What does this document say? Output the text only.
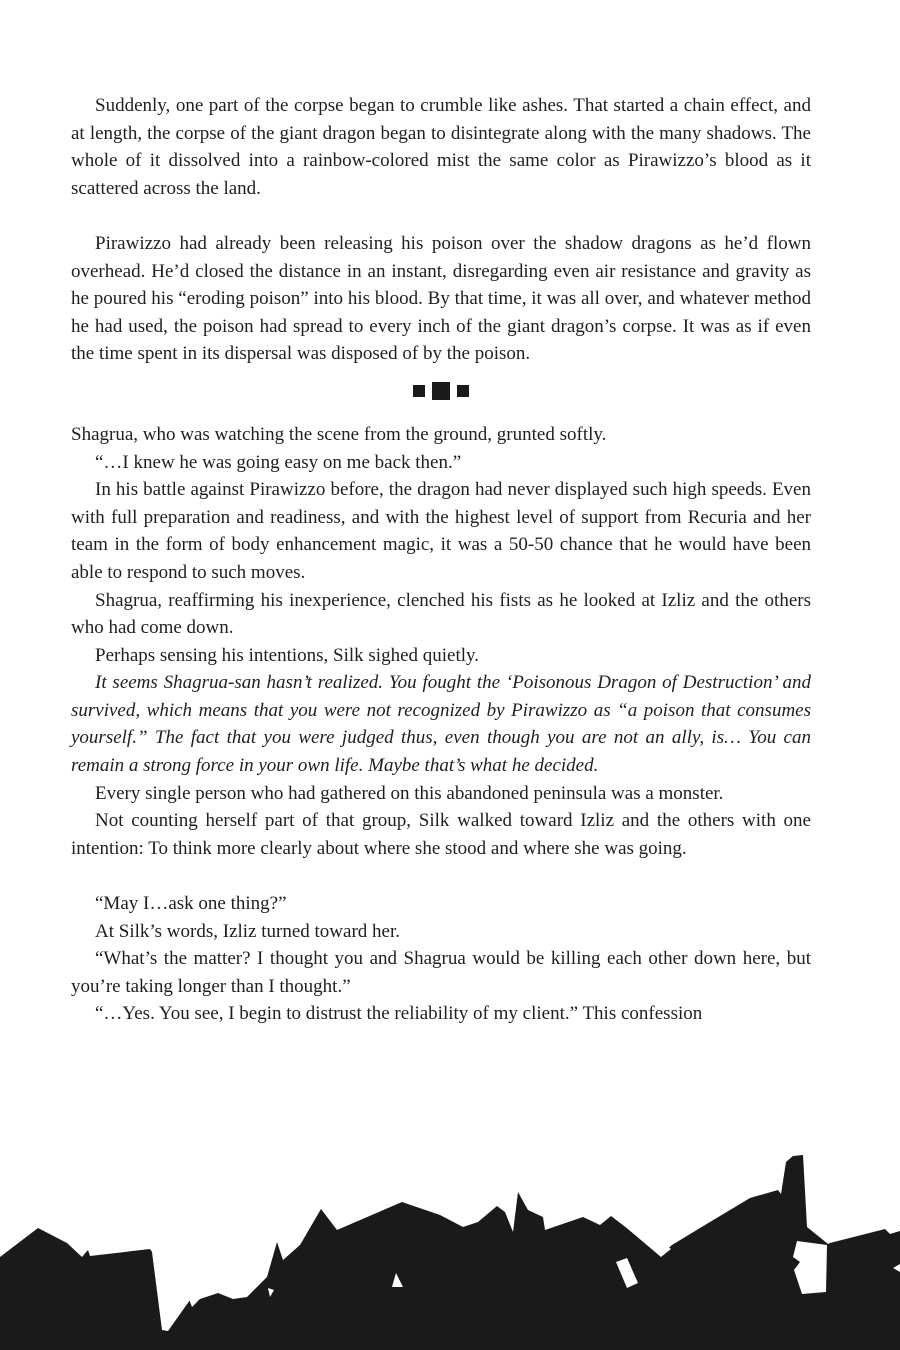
Suddenly, one part of the corpse began to crumble like ashes. That started a chain effect, and at length, the corpse of the giant dragon began to disintegrate along with the many shadows. The whole of it dissolved into a rainbow-colored mist the same color as Pirawizzo’s blood as it scattered across the land.

Pirawizzo had already been releasing his poison over the shadow dragons as he’d flown overhead. He’d closed the distance in an instant, disregarding even air resistance and gravity as he poured his “eroding poison” into his blood. By that time, it was all over, and whatever method he had used, the poison had spread to every inch of the giant dragon’s corpse. It was as if even the time spent in its dispersal was disposed of by the poison.

Shagrua, who was watching the scene from the ground, grunted softly.

“…I knew he was going easy on me back then.”

In his battle against Pirawizzo before, the dragon had never displayed such high speeds. Even with full preparation and readiness, and with the highest level of support from Recuria and her team in the form of body enhancement magic, it was a 50-50 chance that he would have been able to respond to such moves.

Shagrua, reaffirming his inexperience, clenched his fists as he looked at Izliz and the others who had come down.

Perhaps sensing his intentions, Silk sighed quietly.

It seems Shagrua-san hasn’t realized. You fought the ‘Poisonous Dragon of Destruction’ and survived, which means that you were not recognized by Pirawizzo as “a poison that consumes yourself.” The fact that you were judged thus, even though you are not an ally, is… You can remain a strong force in your own life. Maybe that’s what he decided.

Every single person who had gathered on this abandoned peninsula was a monster.

Not counting herself part of that group, Silk walked toward Izliz and the others with one intention: To think more clearly about where she stood and where she was going.

“May I…ask one thing?”

At Silk’s words, Izliz turned toward her.

“What’s the matter? I thought you and Shagrua would be killing each other down here, but you’re taking longer than I thought.”

“…Yes. You see, I begin to distrust the reliability of my client.” This confession
